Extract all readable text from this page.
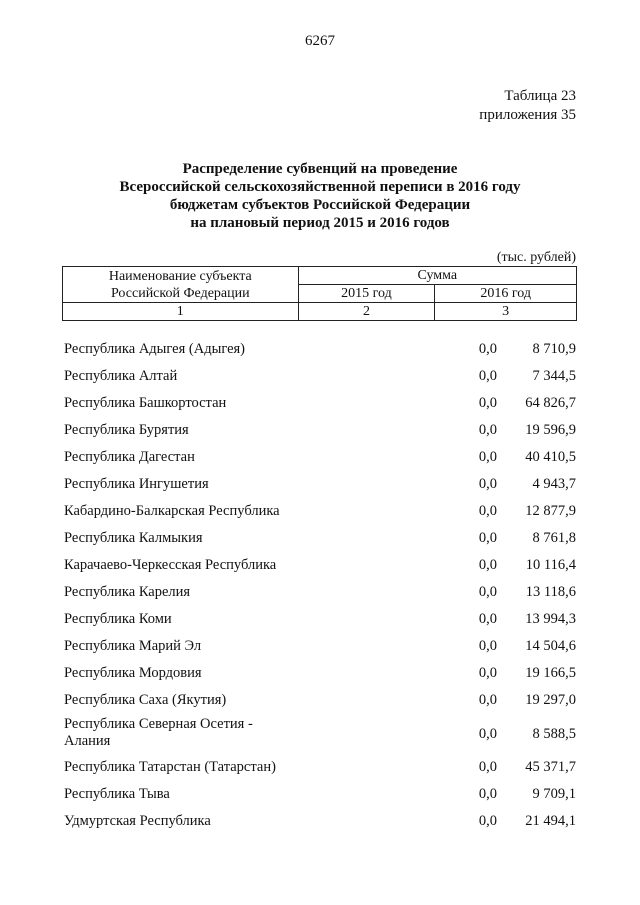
6267
Таблица 23
приложения 35
Распределение субвенций на проведение
Всероссийской сельскохозяйственной переписи в 2016 году
бюджетам субъектов Российской Федерации
на плановый период 2015 и 2016 годов
(тыс. рублей)
Наименование субъекта
Российской Федерации	Сумма	
	2015 год	2016 год
1	2	3
Республика Адыгея (Адыгея)	0,0	8 710,9
Республика Алтай	0,0	7 344,5
Республика Башкортостан	0,0	64 826,7
Республика Бурятия	0,0	19 596,9
Республика Дагестан	0,0	40 410,5
Республика Ингушетия	0,0	4 943,7
Кабардино-Балкарская Республика	0,0	12 877,9
Республика Калмыкия	0,0	8 761,8
Карачаево-Черкесская Республика	0,0	10 116,4
Республика Карелия	0,0	13 118,6
Республика Коми	0,0	13 994,3
Республика Марий Эл	0,0	14 504,6
Республика Мордовия	0,0	19 166,5
Республика Саха (Якутия)	0,0	19 297,0
Республика Северная Осетия - Алания	0,0	8 588,5
Республика Татарстан (Татарстан)	0,0	45 371,7
Республика Тыва	0,0	9 709,1
Удмуртская Республика	0,0	21 494,1
